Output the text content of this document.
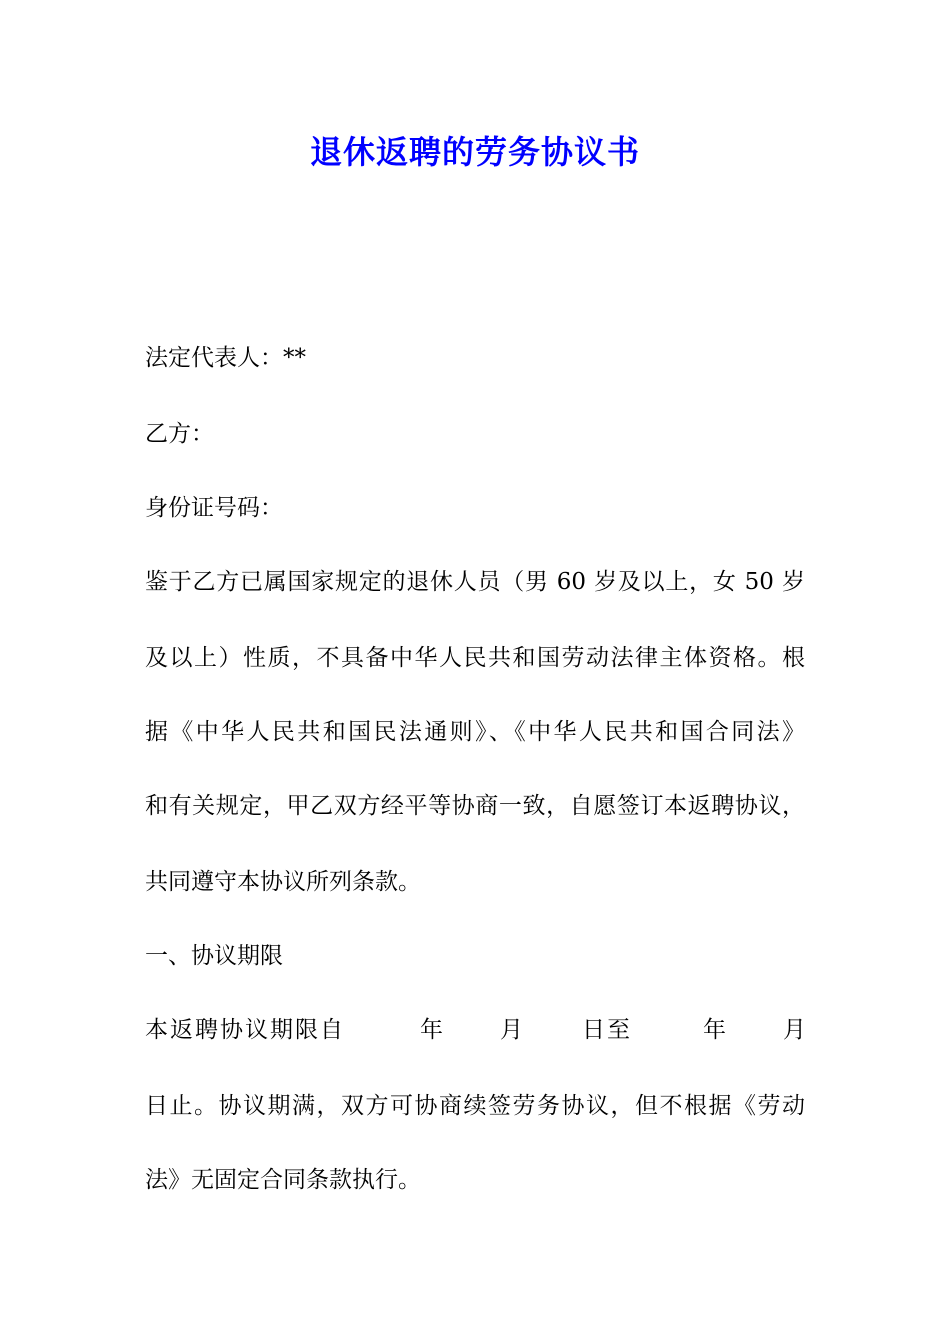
退休返聘的劳务协议书
法定代表人：**
乙方：
身份证号码：
鉴于乙方已属国家规定的退休人员（男 60 岁及以上，女 50 岁
及以上）性质，不具备中华人民共和国劳动法律主体资格。根
据《中华人民共和国民法通则》、《中华人民共和国合同法》
和有关规定，甲乙双方经平等协商一致，自愿签订本返聘协议，
共同遵守本协议所列条款。
一、协议期限
本返聘协议期限自	年 月	日至	年 月
日止。协议期满，双方可协商续签劳务协议，但不根据《劳动
法》无固定合同条款执行。
